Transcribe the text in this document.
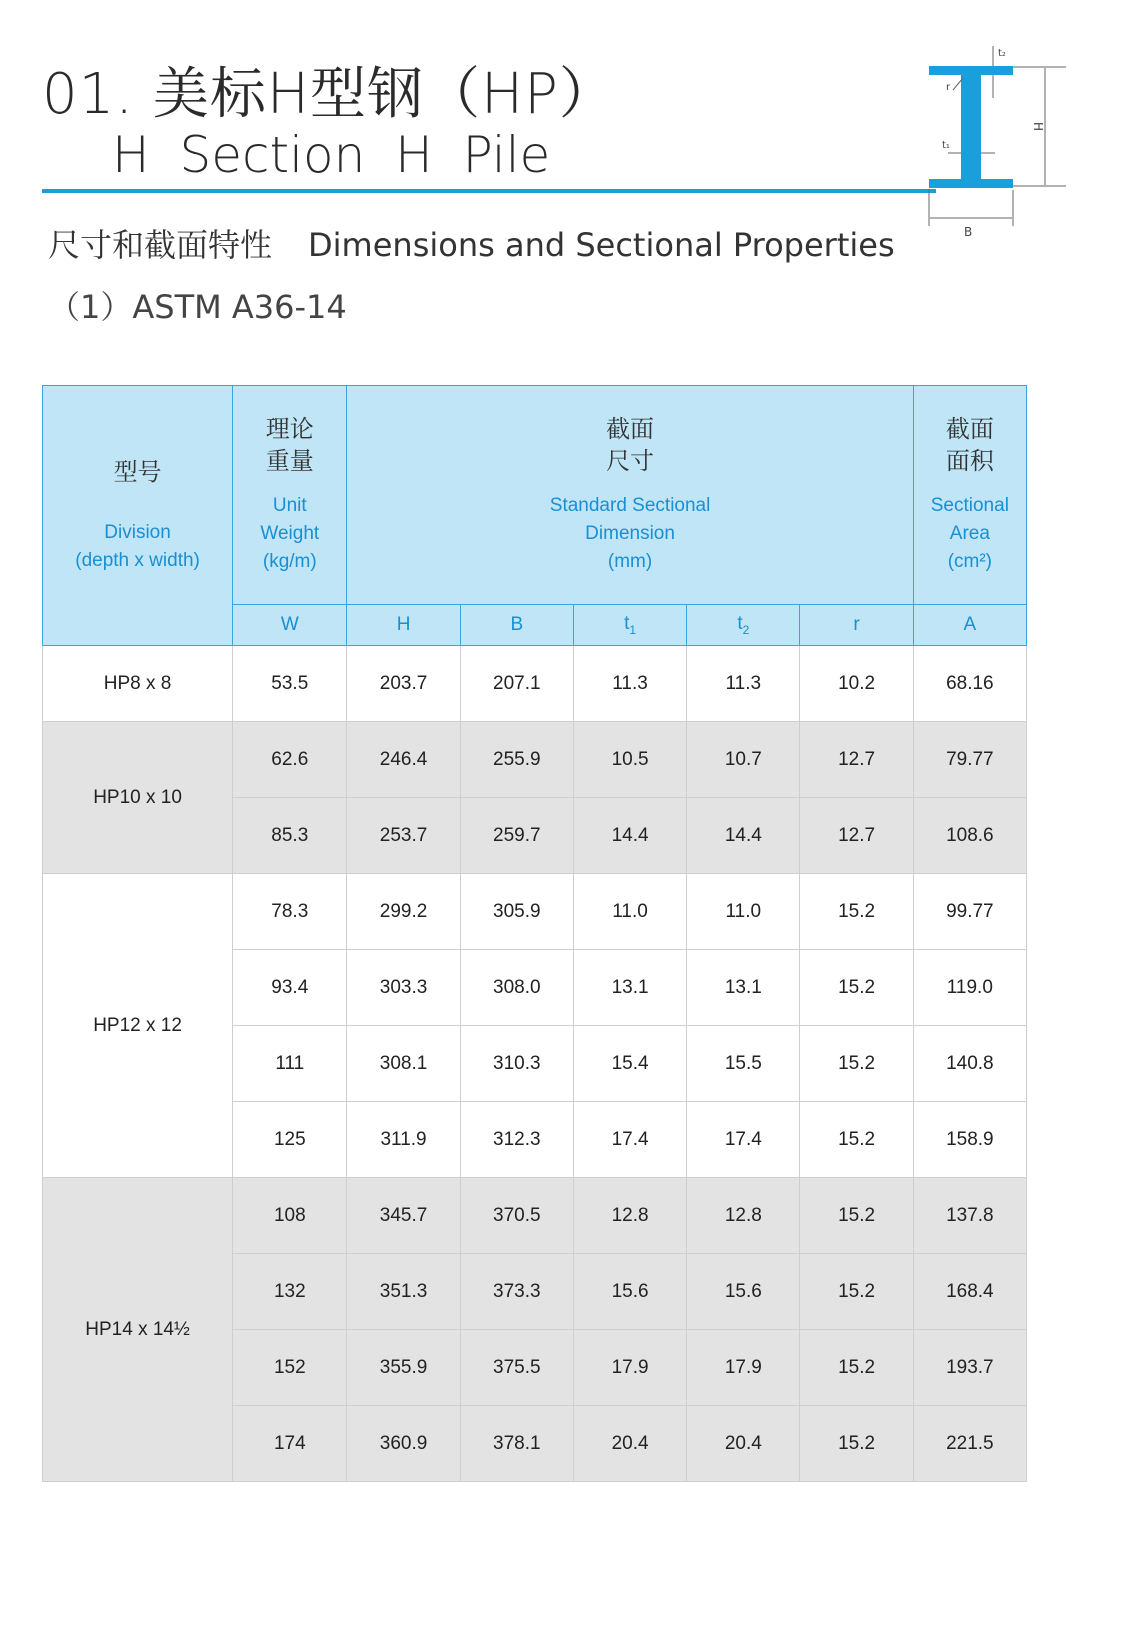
01. 美标H型钢（HP）
H Section H Pile
尺寸和截面特性 Dimensions and Sectional Properties
（1）ASTM A36-14
H
B
t₂
r
t₁
型号
Division
(depth x width)	理论
重量
Unit
Weight
(kg/m)	截面
尺寸
Standard Sectional
Dimension
(mm)					截面
面积
Sectional
Area
(cm²)

	W	H	B	$t_1$	$t_2$	r	A
HP8 x 8	53.5	203.7	207.1	11.3	11.3	10.2	68.16
HP10 x 10	62.6	246.4	255.9	10.5	10.7	12.7	79.77
	85.3	253.7	259.7	14.4	14.4	12.7	108.6
HP12 x 12	78.3	299.2	305.9	11.0	11.0	15.2	99.77
	93.4	303.3	308.0	13.1	13.1	15.2	119.0
	111	308.1	310.3	15.4	15.5	15.2	140.8
	125	311.9	312.3	17.4	17.4	15.2	158.9
HP14 x 14½	108	345.7	370.5	12.8	12.8	15.2	137.8
	132	351.3	373.3	15.6	15.6	15.2	168.4
	152	355.9	375.5	17.9	17.9	15.2	193.7
	174	360.9	378.1	20.4	20.4	15.2	221.5
